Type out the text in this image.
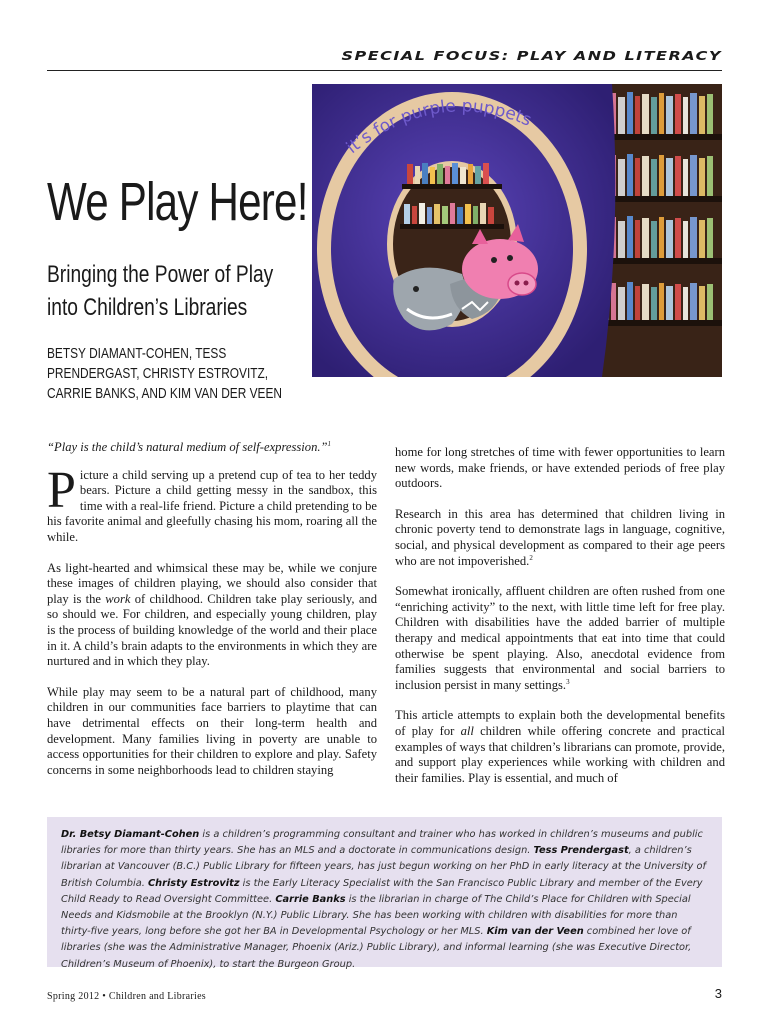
SPECIAL FOCUS: PLAY AND LITERACY
We Play Here!
Bringing the Power of Play
into Children’s Libraries
BETSY DIAMANT-COHEN, TESS PRENDERGAST, CHRISTY ESTROVITZ, CARRIE BANKS, AND KIM VAN DER VEEN
it’s for purple puppets

“Play is the child’s natural medium of self-expression.”$^1$

Picture a child serving up a pretend cup of tea to her teddy bears. Picture a child getting messy in the sandbox, this time with a real-life friend. Picture a child pretending to be his favorite animal and gleefully chasing his mom, roaring all the while.

As light-hearted and whimsical these may be, while we conjure these images of children playing, we should also consider that play is the work of childhood. Children take play seriously, and so should we. For children, and especially young children, play is the process of building knowledge of the world and their place in it. A child’s brain adapts to the environments in which they are nurtured and in which they play.

While play may seem to be a natural part of childhood, many children in our communities face barriers to playtime that can have detrimental effects on their long-term health and development. Many families living in poverty are unable to access opportunities for their children to explore and play. Safety concerns in some neighborhoods lead to children staying

home for long stretches of time with fewer opportunities to learn new words, make friends, or have extended periods of free play outdoors.

Research in this area has determined that children living in chronic poverty tend to demonstrate lags in language, cognitive, social, and physical development as compared to their age peers who are not impoverished.$^2$

Somewhat ironically, affluent children are often rushed from one “enriching activity” to the next, with little time left for free play. Children with disabilities have the added barrier of multiple therapy and medical appointments that eat into time that could otherwise be spent playing. Also, anecdotal evidence from families suggests that environmental and social barriers to inclusion persist in many settings.$^3$

This article attempts to explain both the developmental benefits of play for all children while offering concrete and practical examples of ways that children’s librarians can promote, provide, and support play experiences while working with children and their families. Play is essential, and much of

Dr. Betsy Diamant-Cohen is a children’s programming consultant and trainer who has worked in children’s museums and public libraries for more than thirty years. She has an MLS and a doctorate in communications design. Tess Prendergast, a children’s librarian at Vancouver (B.C.) Public Library for fifteen years, has just begun working on her PhD in early literacy at the University of British Columbia. Christy Estrovitz is the Early Literacy Specialist with the San Francisco Public Library and member of the Every Child Ready to Read Oversight Committee. Carrie Banks is the librarian in charge of The Child’s Place for Children with Special Needs and Kidsmobile at the Brooklyn (N.Y.) Public Library. She has been working with children with disabilities for more than thirty-five years, long before she got her BA in Developmental Psychology or her MLS. Kim van der Veen combined her love of libraries (she was the Administrative Manager, Phoenix (Ariz.) Public Library), and informal learning (she was Executive Director, Children’s Museum of Phoenix), to start the Burgeon Group.
Spring 2012 • Children and Libraries	3
